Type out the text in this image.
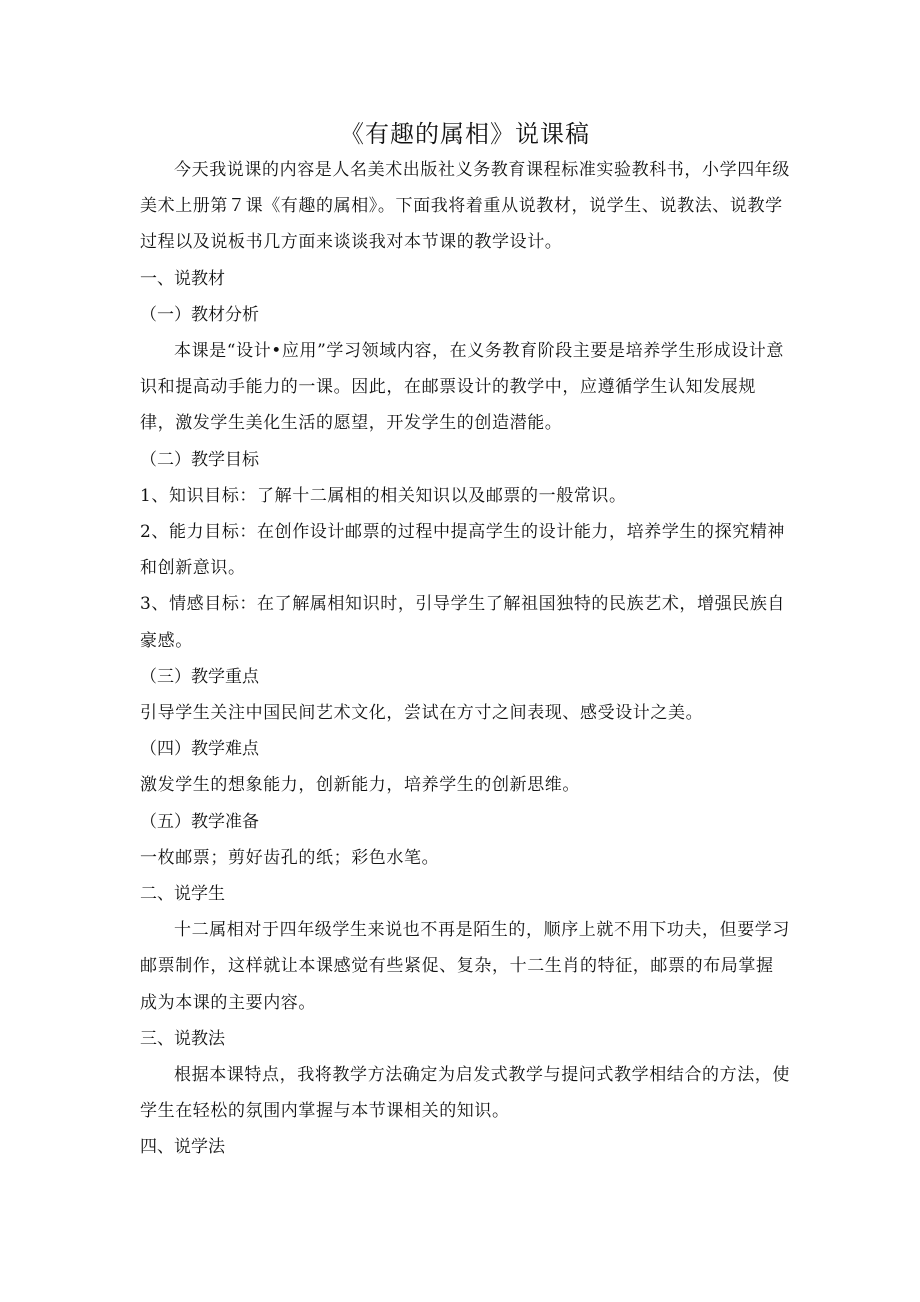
《有趣的属相》说课稿

今天我说课的内容是人名美术出版社义务教育课程标准实验教科书，小学四年级美术上册第７课《有趣的属相》。下面我将着重从说教材，说学生、说教法、说教学过程以及说板书几方面来谈谈我对本节课的教学设计。

一、说教材

（一）教材分析

本课是“设计•应用”学习领域内容，在义务教育阶段主要是培养学生形成设计意识和提高动手能力的一课。因此，在邮票设计的教学中，应遵循学生认知发展规律，激发学生美化生活的愿望，开发学生的创造潜能。

（二）教学目标

1、知识目标：了解十二属相的相关知识以及邮票的一般常识。

2、能力目标：在创作设计邮票的过程中提高学生的设计能力，培养学生的探究精神和创新意识。

3、情感目标：在了解属相知识时，引导学生了解祖国独特的民族艺术，增强民族自豪感。

（三）教学重点

引导学生关注中国民间艺术文化，尝试在方寸之间表现、感受设计之美。

（四）教学难点

激发学生的想象能力，创新能力，培养学生的创新思维。

（五）教学准备

一枚邮票；剪好齿孔的纸；彩色水笔。

二、说学生

十二属相对于四年级学生来说也不再是陌生的，顺序上就不用下功夫，但要学习邮票制作，这样就让本课感觉有些紧促、复杂，十二生肖的特征，邮票的布局掌握成为本课的主要内容。

三、说教法

根据本课特点，我将教学方法确定为启发式教学与提问式教学相结合的方法，使学生在轻松的氛围内掌握与本节课相关的知识。

四、说学法
